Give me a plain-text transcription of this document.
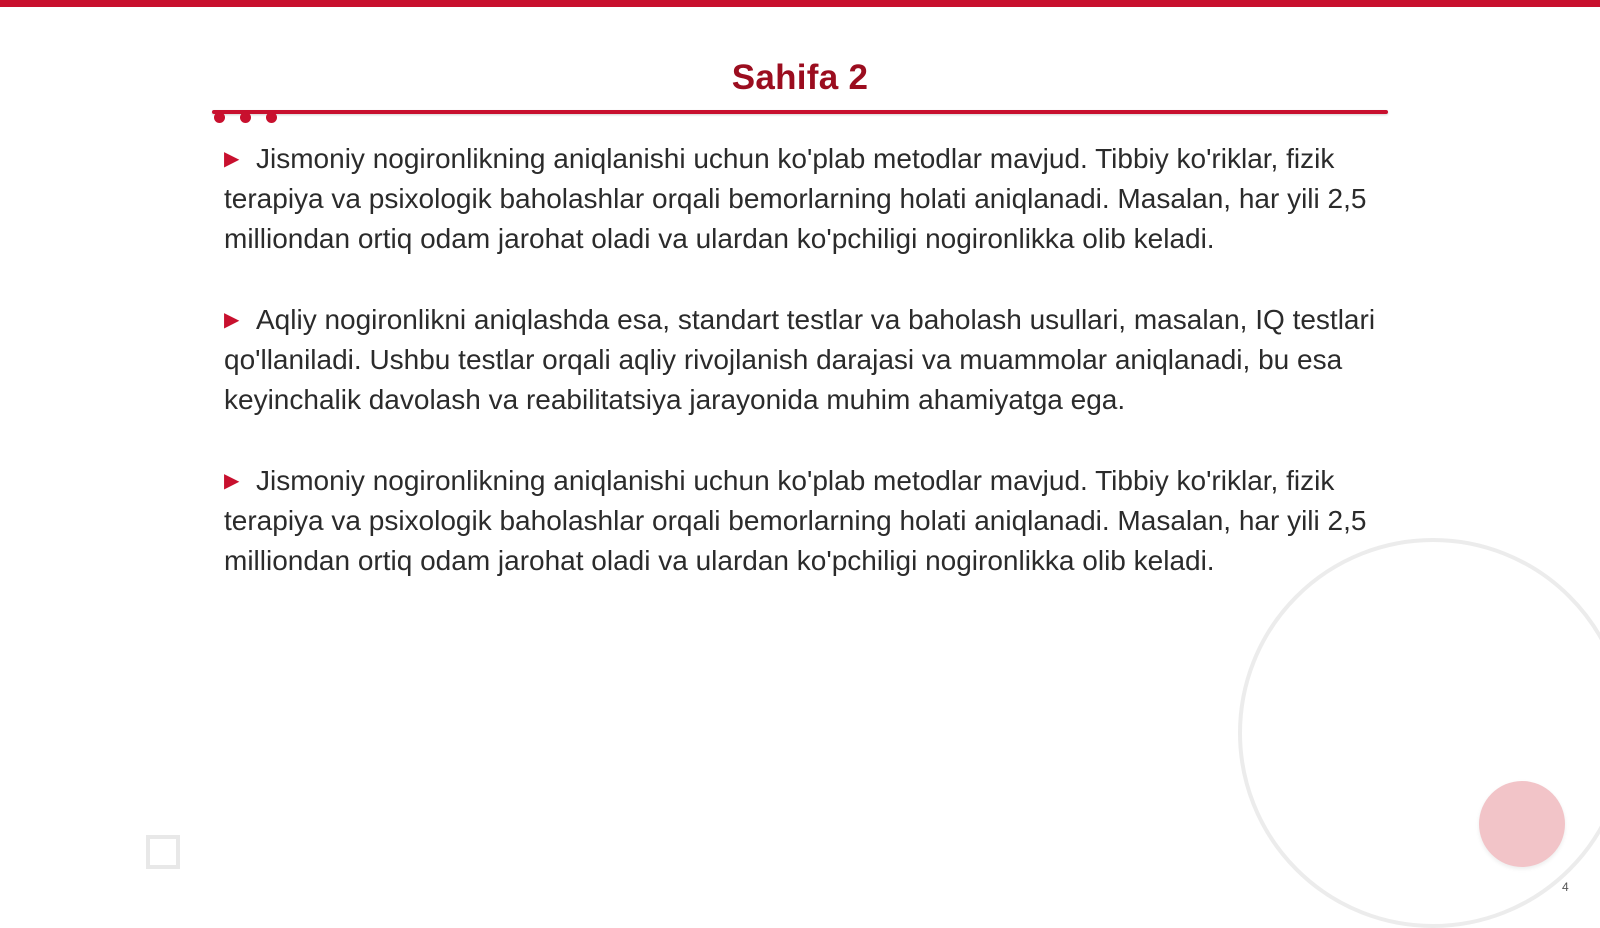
Sahifa 2

▶ Jismoniy nogironlikning aniqlanishi uchun ko'plab metodlar mavjud. Tibbiy ko'riklar, fizik terapiya va psixologik baholashlar orqali bemorlarning holati aniqlanadi. Masalan, har yili 2,5 milliondan ortiq odam jarohat oladi va ulardan ko'pchiligi nogironlikka olib keladi.

▶ Aqliy nogironlikni aniqlashda esa, standart testlar va baholash usullari, masalan, IQ testlari qo'llaniladi. Ushbu testlar orqali aqliy rivojlanish darajasi va muammolar aniqlanadi, bu esa keyinchalik davolash va reabilitatsiya jarayonida muhim ahamiyatga ega.

▶ Jismoniy nogironlikning aniqlanishi uchun ko'plab metodlar mavjud. Tibbiy ko'riklar, fizik terapiya va psixologik baholashlar orqali bemorlarning holati aniqlanadi. Masalan, har yili 2,5 milliondan ortiq odam jarohat oladi va ulardan ko'pchiligi nogironlikka olib keladi.

4
